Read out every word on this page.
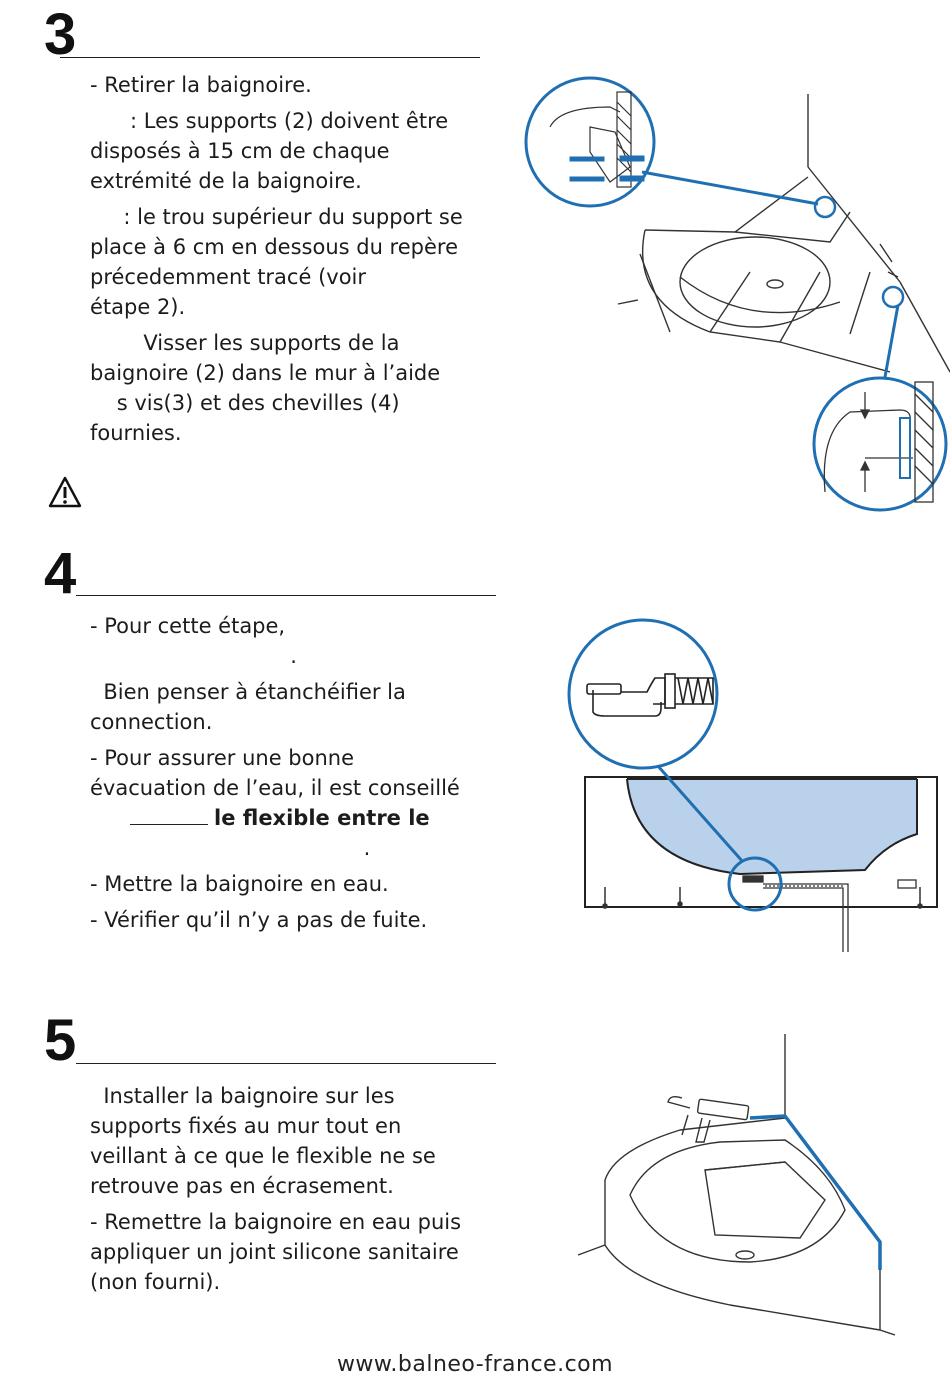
3

- Retirer la baignoire.

: Les supports (2) doivent être
disposés à 15 cm de chaque
extrémité de la baignoire.

: le trou supérieur du support se
place à 6 cm en dessous du repère
précedemment tracé (voir
étape 2).

Visser les supports de la
baignoire (2) dans le mur à l’aide
s vis(3) et des chevilles (4)
fournies.

4

- Pour cette étape,
.

Bien penser à étanchéifier la
connection.

- Pour assurer une bonne
évacuation de l’eau, il est conseillé
le flexible entre le
.

- Mettre la baignoire en eau.

- Vérifier qu’il n’y a pas de fuite.

5

Installer la baignoire sur les
supports fixés au mur tout en
veillant à ce que le flexible ne se
retrouve pas en écrasement.

- Remettre la baignoire en eau puis
appliquer un joint silicone sanitaire
(non fourni).

www.balneo-france.com
